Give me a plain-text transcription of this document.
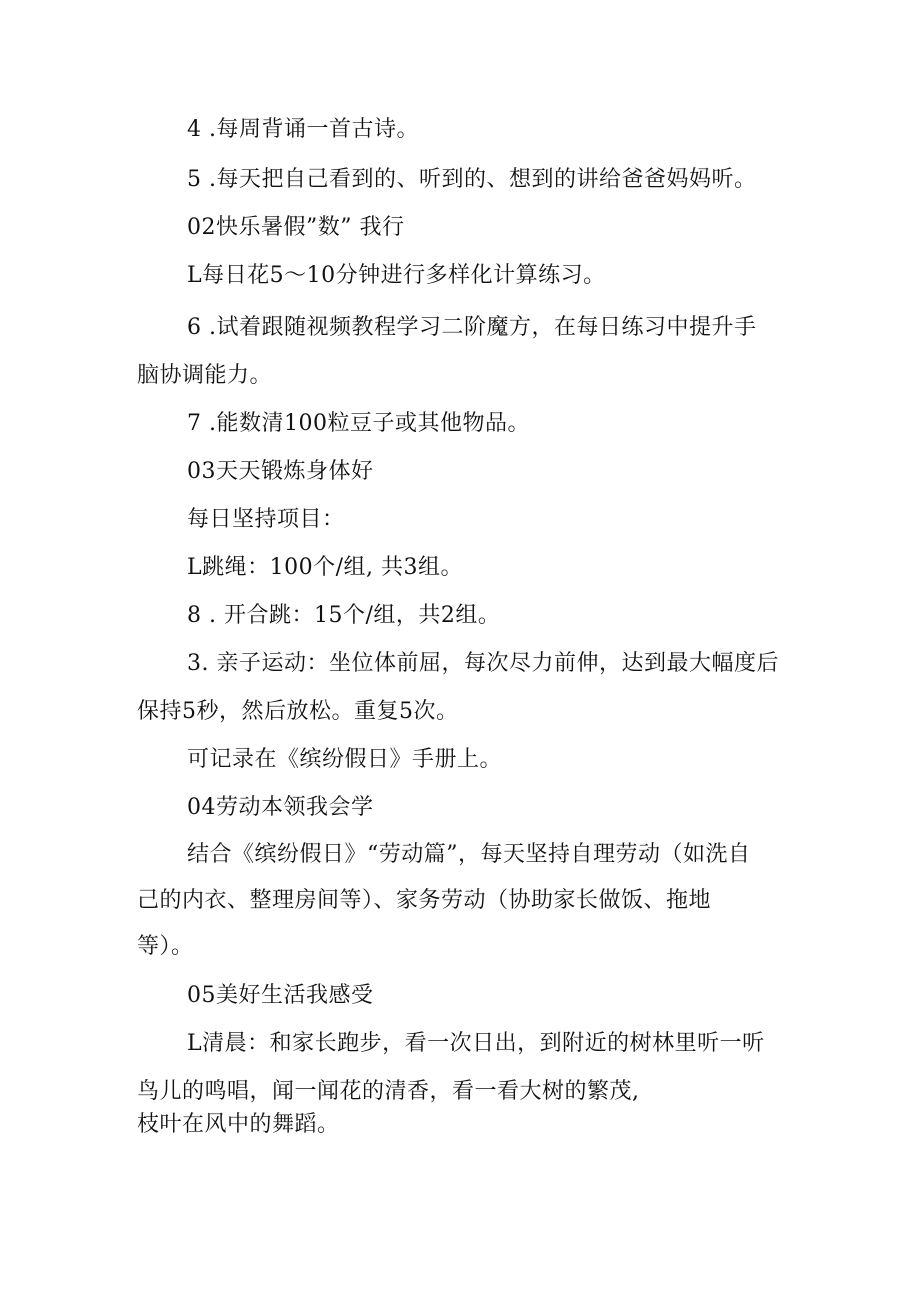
4 .每周背诵一首古诗。
5 .每天把自己看到的、听到的、想到的讲给爸爸妈妈听。
02快乐暑假”数” 我行
L每日花5〜10分钟进行多样化计算练习。
6 .试着跟随视频教程学习二阶魔方，在每日练习中提升手
脑协调能力。
7 .能数清100粒豆子或其他物品。
03天天锻炼身体好
每日坚持项目：
L跳绳：100个/组, 共3组。
8 . 开合跳：15个/组，共2组。
3. 亲子运动：坐位体前屈，每次尽力前伸，达到最大幅度后
保持5秒，然后放松。重复5次。
可记录在《缤纷假日》手册上。
04劳动本领我会学
结合《缤纷假日》“劳动篇”，每天坚持自理劳动（如洗自
己的内衣、整理房间等）、家务劳动（协助家长做饭、拖地
等）。
05美好生活我感受
L清晨：和家长跑步，看一次日出，到附近的树林里听一听
鸟儿的鸣唱，闻一闻花的清香，看一看大树的繁茂,
枝叶在风中的舞蹈。
